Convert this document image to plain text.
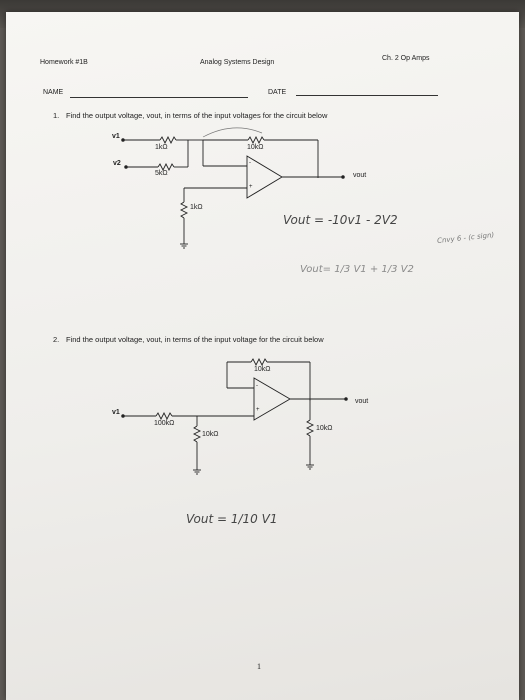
Homework #1B	Analog Systems Design
Ch. 2 Op Amps
NAME	DATE
1. Find the output voltage, vout, in terms of the input voltages for the circuit below
v1
v2
1kΩ
5kΩ
10kΩ
1kΩ
vout
-
+
Vout = -10v1 - 2V2
Cnvy 6 - (c sign)
Vout= 1/3 V1 + 1/3 V2
2. Find the output voltage, vout, in terms of the input voltage for the circuit below
10kΩ
vout
v1
100kΩ
10kΩ
10kΩ
-
+
Vout = 1/10 V1
1
